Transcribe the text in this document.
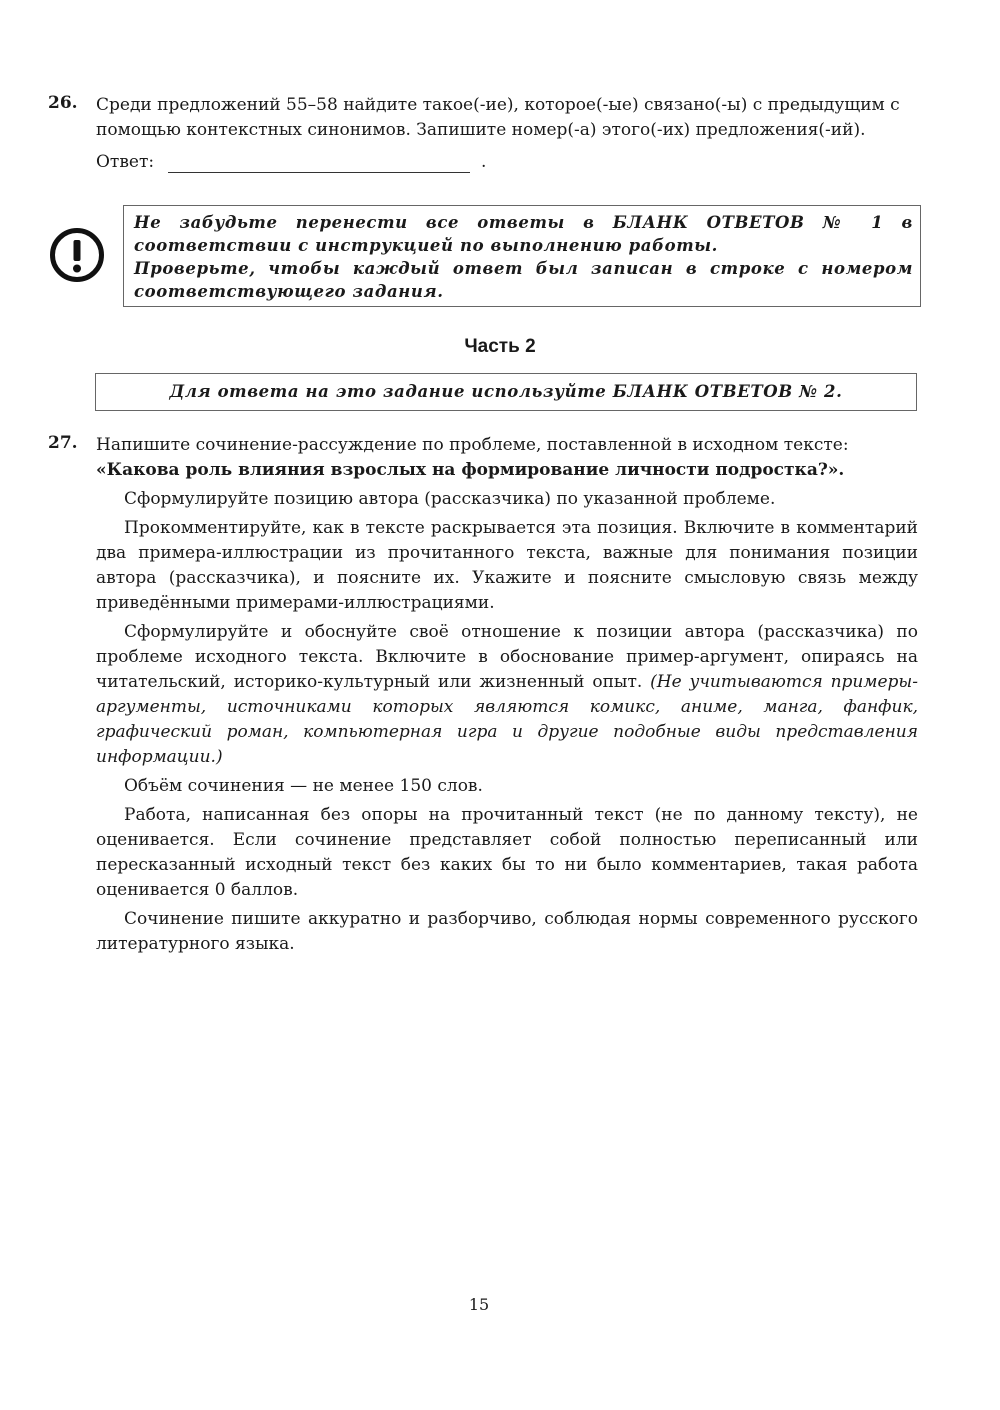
26. Среди предложений 55–58 найдите такое(-ие), которое(-ые) связано(-ы) с предыдущим с

помощью контекстных синонимов. Запишите номер(-а) этого(-их) предложения(-ий).

Ответ:	.

Не забудьте перенести все ответы в БЛАНК ОТВЕТОВ № 1 в соответствии с инструкцией по выполнению работы.

Проверьте, чтобы каждый ответ был записан в строке с номером соответствующего задания.

Часть 2
Для ответа на это задание используйте БЛАНК ОТВЕТОВ № 2.
27. Напишите сочинение-рассуждение по проблеме, поставленной в исходном тексте:

«Какова роль влияния взрослых на формирование личности подростка?».

Сформулируйте позицию автора (рассказчика) по указанной проблеме.

Прокомментируйте, как в тексте раскрывается эта позиция. Включите в комментарий два примера-иллюстрации из прочитанного текста, важные для понимания позиции автора (рассказчика), и поясните их. Укажите и поясните смысловую связь между приведёнными примерами-иллюстрациями.

Сформулируйте и обоснуйте своё отношение к позиции автора (рассказчика) по проблеме исходного текста. Включите в обоснование пример-аргумент, опираясь на читательский, историко-культурный или жизненный опыт. (Не учитываются примеры-аргументы, источниками которых являются комикс, аниме, манга, фанфик, графический роман, компьютерная игра и другие подобные виды представления информации.)

Объём сочинения — не менее 150 слов.

Работа, написанная без опоры на прочитанный текст (не по данному тексту), не оценивается. Если сочинение представляет собой полностью переписанный или пересказанный исходный текст без каких бы то ни было комментариев, такая работа оценивается 0 баллов.

Сочинение пишите аккуратно и разборчиво, соблюдая нормы современного русского литературного языка.

15
